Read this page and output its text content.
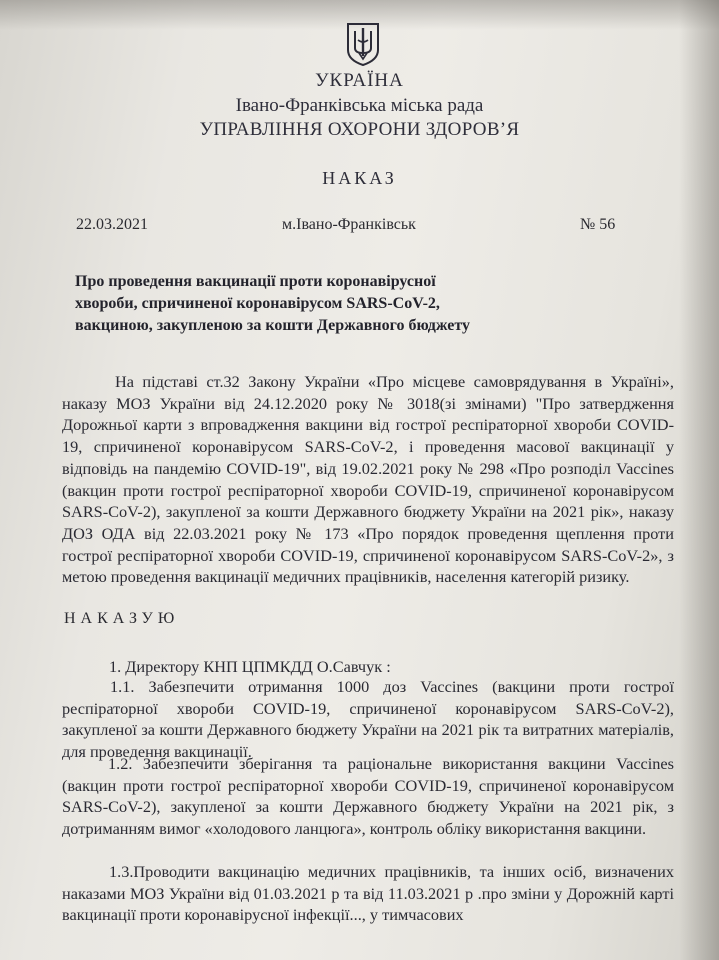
УКРАЇНА
Івано-Франківська міська рада
УПРАВЛІННЯ ОХОРОНИ ЗДОРОВ’Я
НАКАЗ
22.03.2021	м.Івано-Франківськ	№ 56
Про проведення вакцинації проти коронавірусної хвороби, спричиненої коронавірусом SARS-CoV-2, вакциною, закупленою за кошти Державного бюджету
На підставі ст.32 Закону України «Про місцеве самоврядування в Україні», наказу МОЗ України від 24.12.2020 року № 3018(зі змінами) "Про затвердження Дорожньої карти з впровадження вакцини від гострої респіраторної хвороби COVID-19, спричиненої коронавірусом SARS-CoV-2, і проведення масової вакцинації у відповідь на пандемію COVID-19", від 19.02.2021 року № 298 «Про розподіл Vaccines (вакцин проти гострої респіраторної хвороби COVID-19, спричиненої коронавірусом SARS-CoV-2), закупленої за кошти Державного бюджету України на 2021 рік», наказу ДОЗ ОДА від 22.03.2021 року № 173 «Про порядок проведення щеплення проти гострої респіраторної хвороби COVID-19, спричиненої коронавірусом SARS-CoV-2», з метою проведення вакцинації медичних працівників, населення категорій ризику.
НАКАЗУЮ
1. Директору КНП ЦПМКДД О.Савчук :
1.1. Забезпечити отримання 1000 доз Vaccines (вакцини проти гострої респіраторної хвороби COVID-19, спричиненої коронавірусом SARS-CoV-2), закупленої за кошти Державного бюджету України на 2021 рік та витратних матеріалів, для проведення вакцинації.
1.2. Забезпечити зберігання та раціональне використання вакцини Vaccines (вакцин проти гострої респіраторної хвороби COVID-19, спричиненої коронавірусом SARS-CoV-2), закупленої за кошти Державного бюджету України на 2021 рік, з дотриманням вимог «холодового ланцюга», контроль обліку використання вакцини.
1.3.Проводити вакцинацію медичних працівників, та інших осіб, визначених наказами МОЗ України від 01.03.2021 р та від 11.03.2021 р .про зміни у Дорожній карті вакцинації проти коронавірусної інфекції..., у тимчасових
